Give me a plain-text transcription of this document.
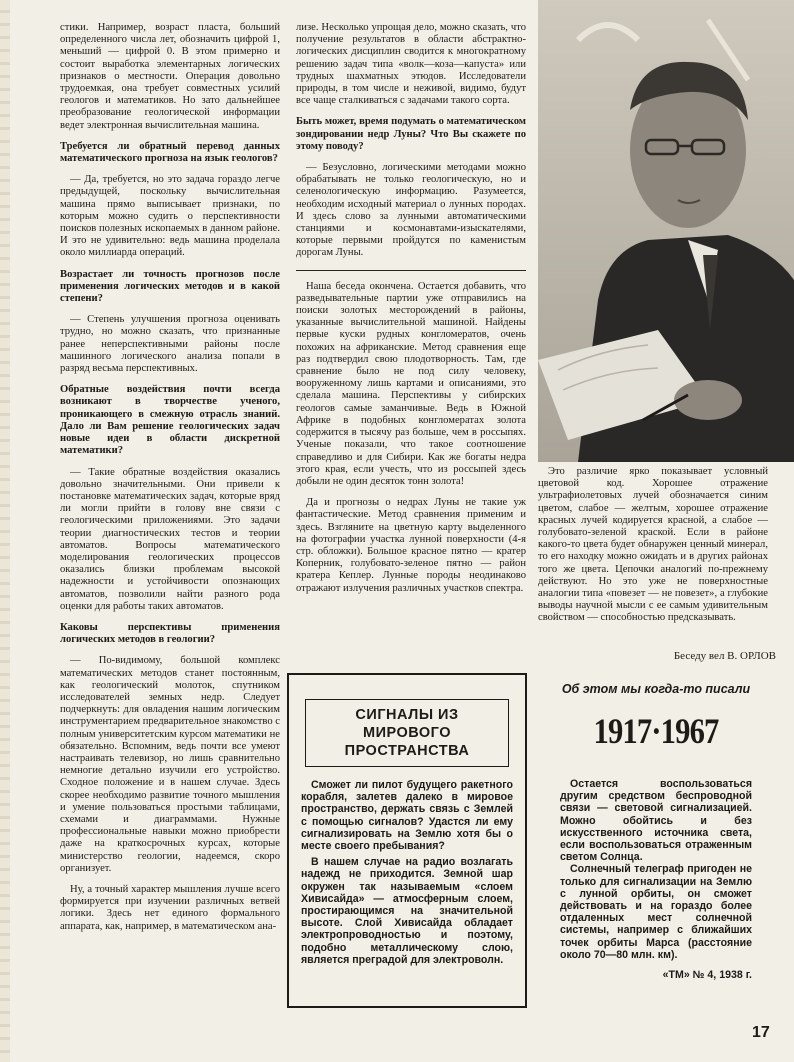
стики. Например, возраст пласта, больший определенного числа лет, обозначить цифрой 1, меньший — цифрой 0. В этом примерно и состоит выработка элементарных логических признаков о местности. Операция довольно трудоемкая, она требует совместных усилий геологов и математиков. Но зато дальнейшее преобразование геологической информации ведет электронная вычислительная машина.

Требуется ли обратный перевод данных математического прогноза на язык геологов?

— Да, требуется, но это задача гораздо легче предыдущей, поскольку вычислительная машина прямо выписывает признаки, по которым можно судить о перспективности поисков полезных ископаемых в данном районе. И это не удивительно: ведь машина проделала около миллиарда операций.

Возрастает ли точность прогнозов после применения логических методов и в какой степени?

— Степень улучшения прогноза оценивать трудно, но можно сказать, что признанные ранее неперспективными районы после машинного логического анализа попали в разряд весьма перспективных.

Обратные воздействия почти всегда возникают в творчестве ученого, проникающего в смежную отрасль знаний. Дало ли Вам решение геологических задач новые идеи в области дискретной математики?

— Такие обратные воздействия оказались довольно значительными. Они привели к постановке математических задач, которые вряд ли могли прийти в голову вне связи с геологическими приложениями. Это задачи теории диагностических тестов и теории автоматов. Вопросы математического моделирования геологических процессов оказались близки проблемам высокой надежности и устойчивости опознающих автоматов, позволили найти разного рода оценки для работы таких автоматов.

Каковы перспективы применения логических методов в геологии?

— По-видимому, большой комплекс математических методов станет постоянным, как геологический молоток, спутником исследователей земных недр. Следует подчеркнуть: для овладения нашим логическим инструментарием предварительное знакомство с полным университетским курсом математики не обязательно. Вспомним, ведь почти все умеют настраивать телевизор, но лишь сравнительно немногие детально изучили его устройство. Сходное положение и в нашем случае. Здесь скорее необходимо развитие точного мышления и умение пользоваться простыми таблицами, схемами и диаграммами. Нужные профессиональные навыки можно приобрести даже на краткосрочных курсах, которые министерство геологии, надеемся, скоро организует.

Ну, а точный характер мышления лучше всего формируется при изучении различных ветвей логики. Здесь нет единого формального аппарата, как, например, в математическом ана-

лизе. Несколько упрощая дело, можно сказать, что получение результатов в области абстрактно-логических дисциплин сводится к многократному решению задач типа «волк—коза—капуста» или трудных шахматных этюдов. Исследователи природы, в том числе и неживой, видимо, будут все чаще сталкиваться с задачами такого сорта.

Быть может, время подумать о математическом зондировании недр Луны? Что Вы скажете по этому поводу?

— Безусловно, логическими методами можно обрабатывать не только геологическую, но и селенологическую информацию. Разумеется, необходим исходный материал о лунных породах. И здесь слово за лунными автоматическими станциями и космонавтами-изыскателями, которые первыми пройдутся по каменистым дорогам Луны.

Наша беседа окончена. Остается добавить, что разведывательные партии уже отправились на поиски золотых месторождений в районы, указанные вычислительной машиной. Найдены первые куски рудных конгломератов, очень похожих на африканские. Метод сравнения еще раз подтвердил свою плодотворность. Там, где сравнение было не под силу человеку, вооруженному лишь картами и описаниями, это сделала машина. Перспективы у сибирских геологов самые заманчивые. Ведь в Южной Африке в подобных конгломератах золота содержится в тысячу раз больше, чем в россыпях. Ученые показали, что такое соотношение справедливо и для Сибири. Как же богаты недра этого края, если учесть, что из россыпей здесь добыли не один десяток тонн золота!

Да и прогнозы о недрах Луны не такие уж фантастические. Метод сравнения применим и здесь. Взгляните на цветную карту выделенного на фотографии участка лунной поверхности (4-я стр. обложки). Большое красное пятно — кратер Коперник, голубовато-зеленое пятно — район кратера Кеплер. Лунные породы неодинаково отражают излучения различных участков спектра.

Это различие ярко показывает условный цветовой код. Хорошее отражение ультрафиолетовых лучей обозначается синим цветом, слабое — желтым, хорошее отражение красных лучей кодируется красной, а слабое — голубовато-зеленой краской. Если в районе какого-то цвета будет обнаружен ценный минерал, то его находку можно ожидать и в других районах того же цвета. Цепочки аналогий по-прежнему действуют. Но это уже не поверхностные аналогии типа «повезет — не повезет», а глубокие выводы научной мысли с ее самым удивительным свойством — способностью предсказывать.

Беседу вел В. ОРЛОВ
СИГНАЛЫ ИЗ МИРОВОГО ПРОСТРАНСТВА

Сможет ли пилот будущего ракетного корабля, залетев далеко в мировое пространство, держать связь с Землей с помощью сигналов? Удастся ли ему сигнализировать на Землю хотя бы о месте своего пребывания?

В нашем случае на радио возлагать надежд не приходится. Земной шар окружен так называемым «слоем Хивисайда» — атмосферным слоем, простирающимся на значительной высоте. Слой Хивисайда обладает электропроводностью и поэтому, подобно металлическому слою, является преградой для электроволн.

Об этом мы когда-то писали
1917·1967

Остается воспользоваться другим средством беспроводной связи — световой сигнализацией. Можно обойтись и без искусственного источника света, если воспользоваться отраженным светом Солнца.

Солнечный телеграф пригоден не только для сигнализации на Землю с лунной орбиты, он сможет действовать и на гораздо более отдаленных мест солнечной системы, например с ближайших точек орбиты Марса (расстояние около 70—80 млн. км).

«ТМ» № 4, 1938 г.
17
